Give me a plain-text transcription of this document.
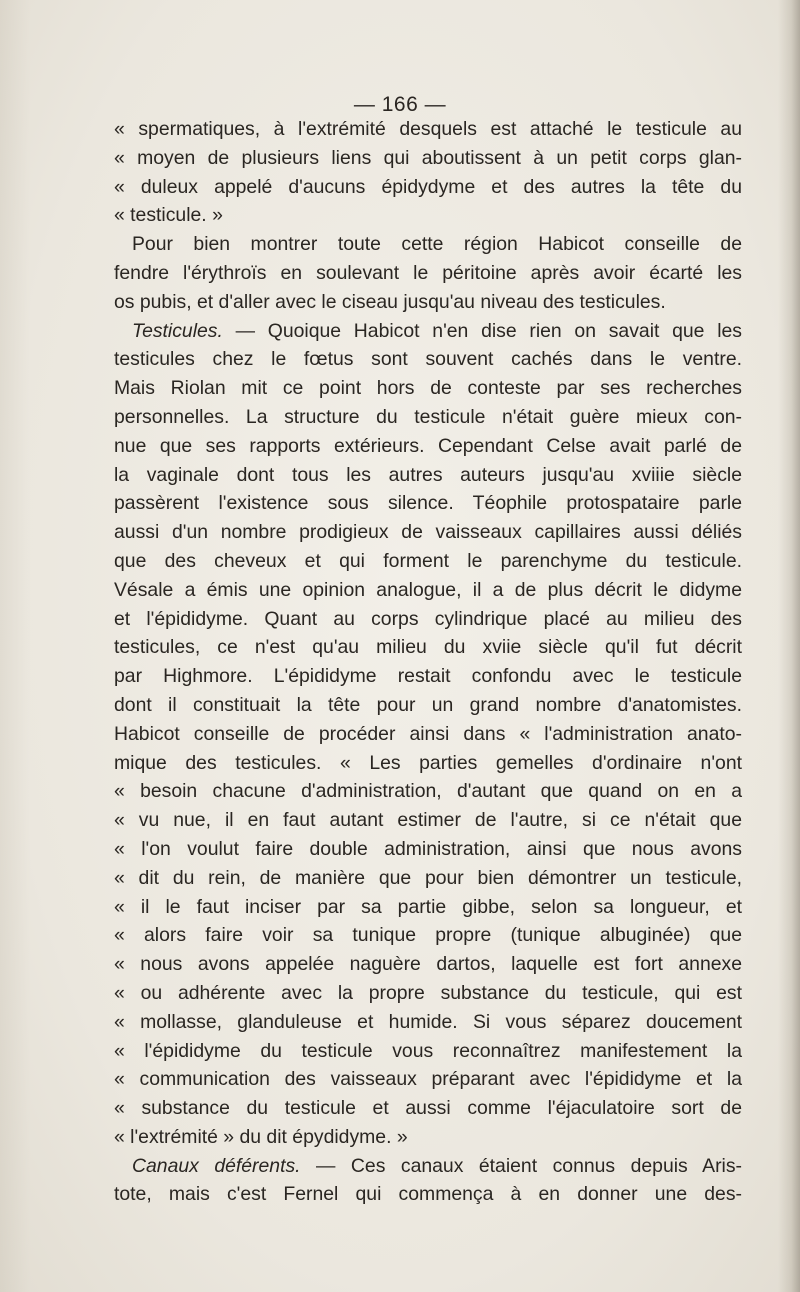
— 166 —
« spermatiques, à l'extrémité desquels est attaché le testicule au
« moyen de plusieurs liens qui aboutissent à un petit corps glan-
« duleux appelé d'aucuns épidydyme et des autres la tête du
« testicule. »
Pour bien montrer toute cette région Habicot conseille de
fendre l'érythroïs en soulevant le péritoine après avoir écarté les
os pubis, et d'aller avec le ciseau jusqu'au niveau des testicules.
Testicules. — Quoique Habicot n'en dise rien on savait que les
testicules chez le fœtus sont souvent cachés dans le ventre.
Mais Riolan mit ce point hors de conteste par ses recherches
personnelles. La structure du testicule n'était guère mieux con-
nue que ses rapports extérieurs. Cependant Celse avait parlé de
la vaginale dont tous les autres auteurs jusqu'au xviiie siècle
passèrent l'existence sous silence. Téophile protospataire parle
aussi d'un nombre prodigieux de vaisseaux capillaires aussi déliés
que des cheveux et qui forment le parenchyme du testicule.
Vésale a émis une opinion analogue, il a de plus décrit le didyme
et l'épididyme. Quant au corps cylindrique placé au milieu des
testicules, ce n'est qu'au milieu du xviie siècle qu'il fut décrit
par Highmore. L'épididyme restait confondu avec le testicule
dont il constituait la tête pour un grand nombre d'anatomistes.
Habicot conseille de procéder ainsi dans « l'administration anato-
mique des testicules. « Les parties gemelles d'ordinaire n'ont
« besoin chacune d'administration, d'autant que quand on en a
« vu nue, il en faut autant estimer de l'autre, si ce n'était que
« l'on voulut faire double administration, ainsi que nous avons
« dit du rein, de manière que pour bien démontrer un testicule,
« il le faut inciser par sa partie gibbe, selon sa longueur, et
« alors faire voir sa tunique propre (tunique albuginée) que
« nous avons appelée naguère dartos, laquelle est fort annexe
« ou adhérente avec la propre substance du testicule, qui est
« mollasse, glanduleuse et humide. Si vous séparez doucement
« l'épididyme du testicule vous reconnaîtrez manifestement la
« communication des vaisseaux préparant avec l'épididyme et la
« substance du testicule et aussi comme l'éjaculatoire sort de
« l'extrémité » du dit épydidyme. »
Canaux déférents. — Ces canaux étaient connus depuis Aris-
tote, mais c'est Fernel qui commença à en donner une des-
